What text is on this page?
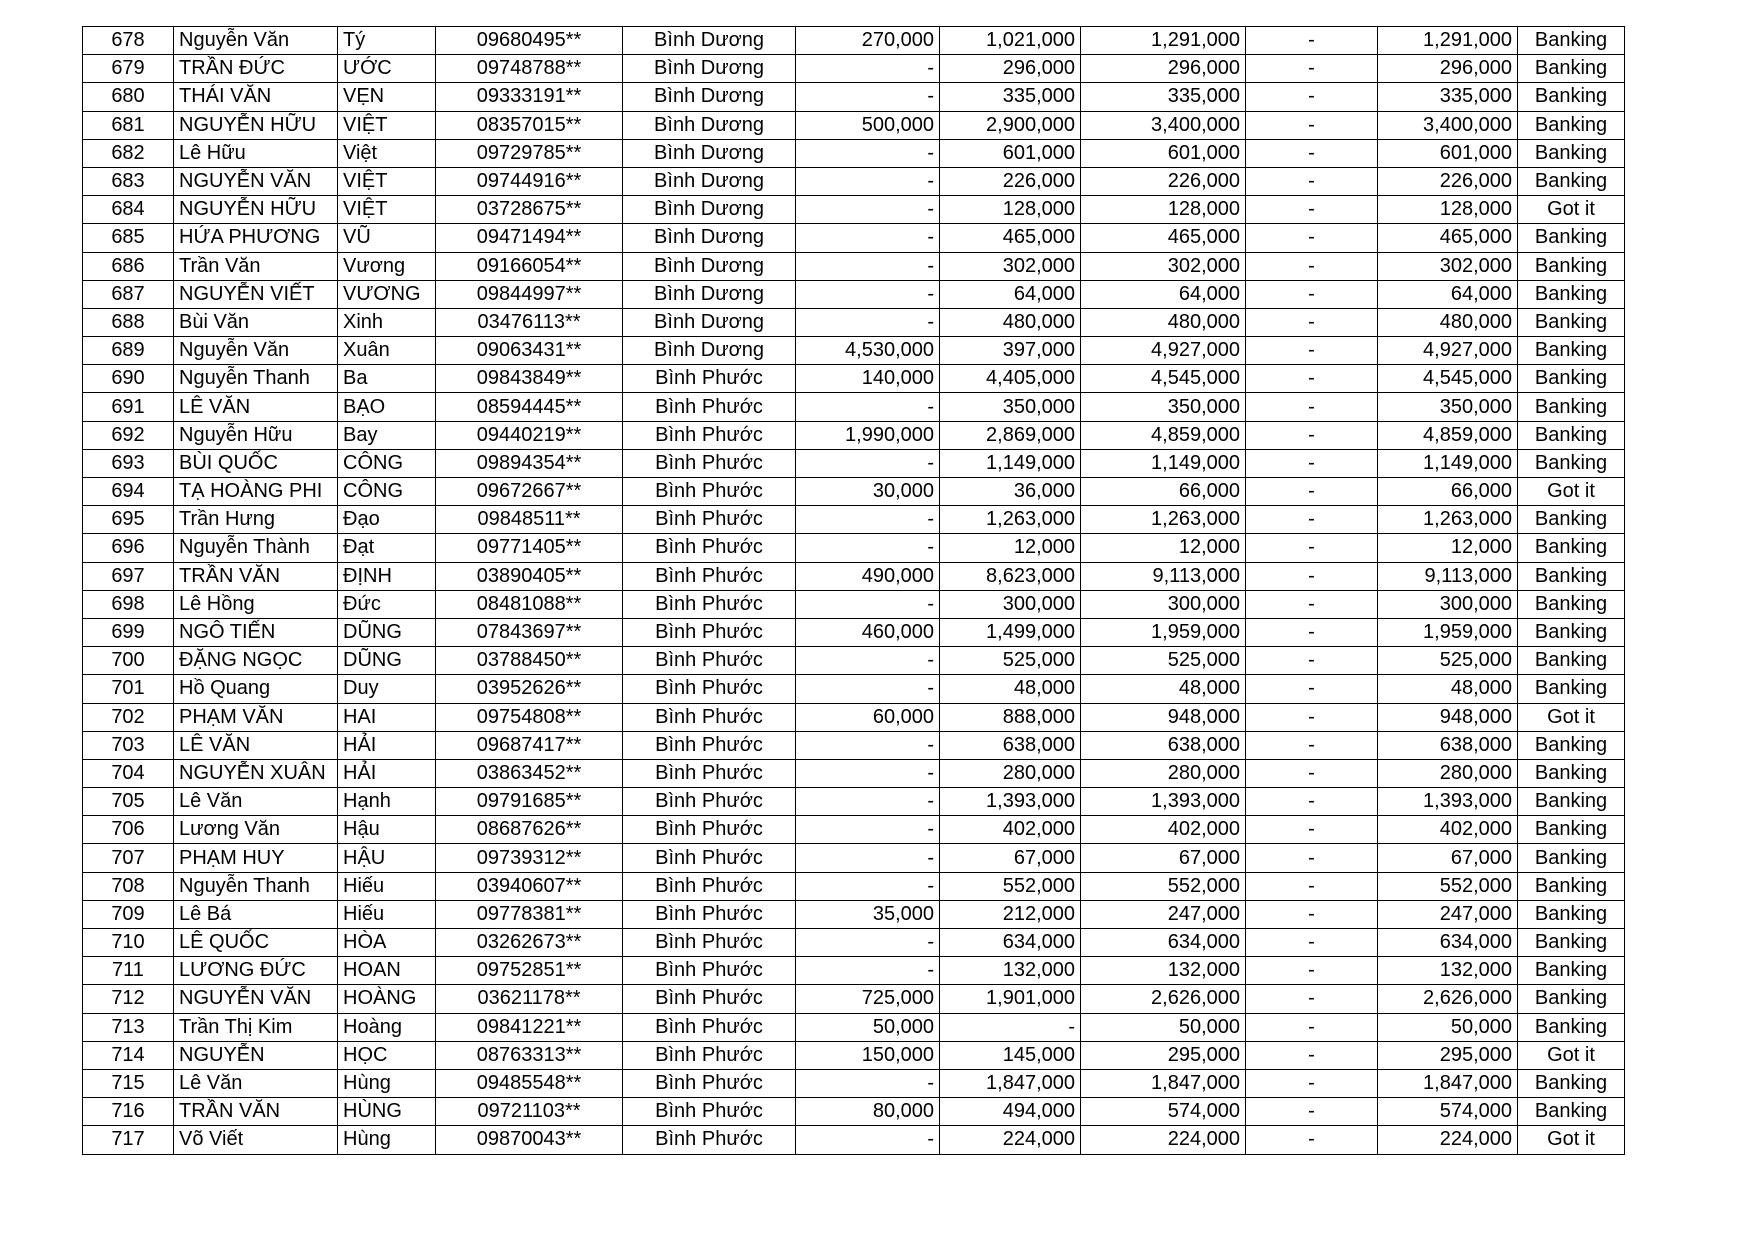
678	Nguyễn Văn	Tý	09680495**	Bình Dương	270,000	1,021,000	1,291,000	-	1,291,000	Banking
679	TRẦN ĐỨC	ƯỚC	09748788**	Bình Dương	-	296,000	296,000	-	296,000	Banking
680	THÁI VĂN	VẸN	09333191**	Bình Dương	-	335,000	335,000	-	335,000	Banking
681	NGUYỄN HỮU	VIỆT	08357015**	Bình Dương	500,000	2,900,000	3,400,000	-	3,400,000	Banking
682	Lê Hữu	Việt	09729785**	Bình Dương	-	601,000	601,000	-	601,000	Banking
683	NGUYỄN VĂN	VIỆT	09744916**	Bình Dương	-	226,000	226,000	-	226,000	Banking
684	NGUYỄN HỮU	VIỆT	03728675**	Bình Dương	-	128,000	128,000	-	128,000	Got it
685	HỨA PHƯƠNG	VŨ	09471494**	Bình Dương	-	465,000	465,000	-	465,000	Banking
686	Trần Văn	Vương	09166054**	Bình Dương	-	302,000	302,000	-	302,000	Banking
687	NGUYỄN VIẾT	VƯƠNG	09844997**	Bình Dương	-	64,000	64,000	-	64,000	Banking
688	Bùi Văn	Xinh	03476113**	Bình Dương	-	480,000	480,000	-	480,000	Banking
689	Nguyễn Văn	Xuân	09063431**	Bình Dương	4,530,000	397,000	4,927,000	-	4,927,000	Banking
690	Nguyễn Thanh	Ba	09843849**	Bình Phước	140,000	4,405,000	4,545,000	-	4,545,000	Banking
691	LÊ VĂN	BẠO	08594445**	Bình Phước	-	350,000	350,000	-	350,000	Banking
692	Nguyễn Hữu	Bay	09440219**	Bình Phước	1,990,000	2,869,000	4,859,000	-	4,859,000	Banking
693	BÙI QUỐC	CÔNG	09894354**	Bình Phước	-	1,149,000	1,149,000	-	1,149,000	Banking
694	TẠ HOÀNG PHI	CÔNG	09672667**	Bình Phước	30,000	36,000	66,000	-	66,000	Got it
695	Trần Hưng	Đạo	09848511**	Bình Phước	-	1,263,000	1,263,000	-	1,263,000	Banking
696	Nguyễn Thành	Đạt	09771405**	Bình Phước	-	12,000	12,000	-	12,000	Banking
697	TRẦN VĂN	ĐỊNH	03890405**	Bình Phước	490,000	8,623,000	9,113,000	-	9,113,000	Banking
698	Lê Hồng	Đức	08481088**	Bình Phước	-	300,000	300,000	-	300,000	Banking
699	NGÔ TIẾN	DŨNG	07843697**	Bình Phước	460,000	1,499,000	1,959,000	-	1,959,000	Banking
700	ĐẶNG NGỌC	DŨNG	03788450**	Bình Phước	-	525,000	525,000	-	525,000	Banking
701	Hồ Quang	Duy	03952626**	Bình Phước	-	48,000	48,000	-	48,000	Banking
702	PHẠM VĂN	HAI	09754808**	Bình Phước	60,000	888,000	948,000	-	948,000	Got it
703	LÊ VĂN	HẢI	09687417**	Bình Phước	-	638,000	638,000	-	638,000	Banking
704	NGUYỄN XUÂN	HẢI	03863452**	Bình Phước	-	280,000	280,000	-	280,000	Banking
705	Lê Văn	Hạnh	09791685**	Bình Phước	-	1,393,000	1,393,000	-	1,393,000	Banking
706	Lương Văn	Hậu	08687626**	Bình Phước	-	402,000	402,000	-	402,000	Banking
707	PHẠM HUY	HẬU	09739312**	Bình Phước	-	67,000	67,000	-	67,000	Banking
708	Nguyễn Thanh	Hiếu	03940607**	Bình Phước	-	552,000	552,000	-	552,000	Banking
709	Lê Bá	Hiếu	09778381**	Bình Phước	35,000	212,000	247,000	-	247,000	Banking
710	LÊ QUỐC	HÒA	03262673**	Bình Phước	-	634,000	634,000	-	634,000	Banking
711	LƯƠNG ĐỨC	HOAN	09752851**	Bình Phước	-	132,000	132,000	-	132,000	Banking
712	NGUYỄN VĂN	HOÀNG	03621178**	Bình Phước	725,000	1,901,000	2,626,000	-	2,626,000	Banking
713	Trần Thị Kim	Hoàng	09841221**	Bình Phước	50,000	-	50,000	-	50,000	Banking
714	NGUYỄN	HỌC	08763313**	Bình Phước	150,000	145,000	295,000	-	295,000	Got it
715	Lê Văn	Hùng	09485548**	Bình Phước	-	1,847,000	1,847,000	-	1,847,000	Banking
716	TRẦN VĂN	HÙNG	09721103**	Bình Phước	80,000	494,000	574,000	-	574,000	Banking
717	Võ Viết	Hùng	09870043**	Bình Phước	-	224,000	224,000	-	224,000	Got it
